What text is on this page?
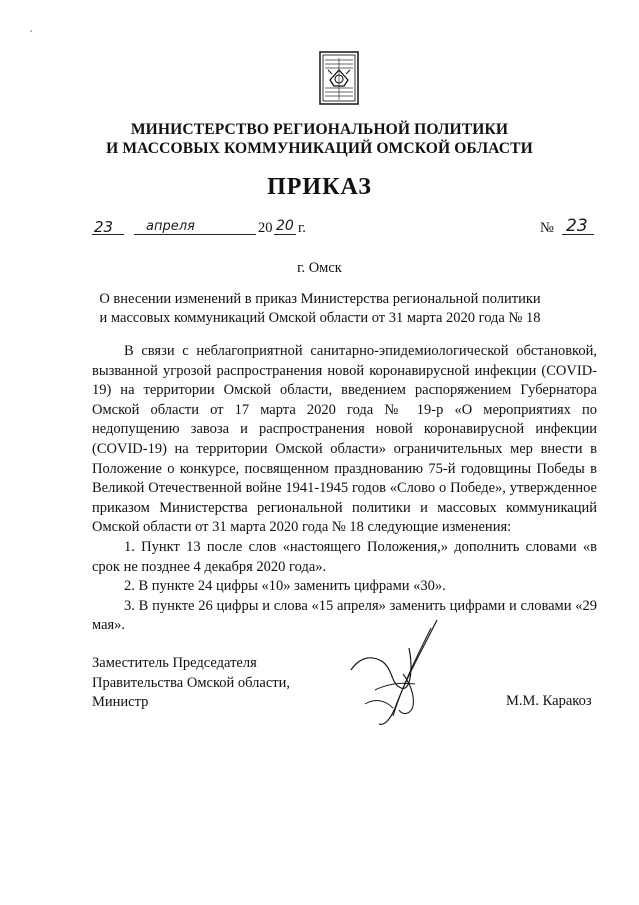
МИНИСТЕРСТВО РЕГИОНАЛЬНОЙ ПОЛИТИКИ
И МАССОВЫХ КОММУНИКАЦИЙ ОМСКОЙ ОБЛАСТИ
ПРИКАЗ
23	апреля	20 20 г.	№ 23
г. Омск
О внесении изменений в приказ Министерства региональной политики
и массовых коммуникаций Омской области от 31 марта 2020 года № 18

В связи с неблагоприятной санитарно-эпидемиологической обстановкой, вызванной угрозой распространения новой коронавирусной инфекции (COVID-19) на территории Омской области, введением распоряжением Губернатора Омской области от 17 марта 2020 года № 19-р «О мероприятиях по недопущению завоза и распространения новой коронавирусной инфекции (COVID-19) на территории Омской области» ограничительных мер внести в Положение о конкурсе, посвященном празднованию 75-й годовщины Победы в Великой Отечественной войне 1941-1945 годов «Слово о Победе», утвержденное приказом Министерства региональной политики и массовых коммуникаций Омской области от 31 марта 2020 года № 18 следующие изменения:

1. Пункт 13 после слов «настоящего Положения,» дополнить словами «в срок не позднее 4 декабря 2020 года».

2. В пункте 24 цифры «10» заменить цифрами «30».

3. В пункте 26 цифры и слова «15 апреля» заменить цифрами и словами «29 мая».

Заместитель Председателя
Правительства Омской области,
Министр	М.М. Каракоз
